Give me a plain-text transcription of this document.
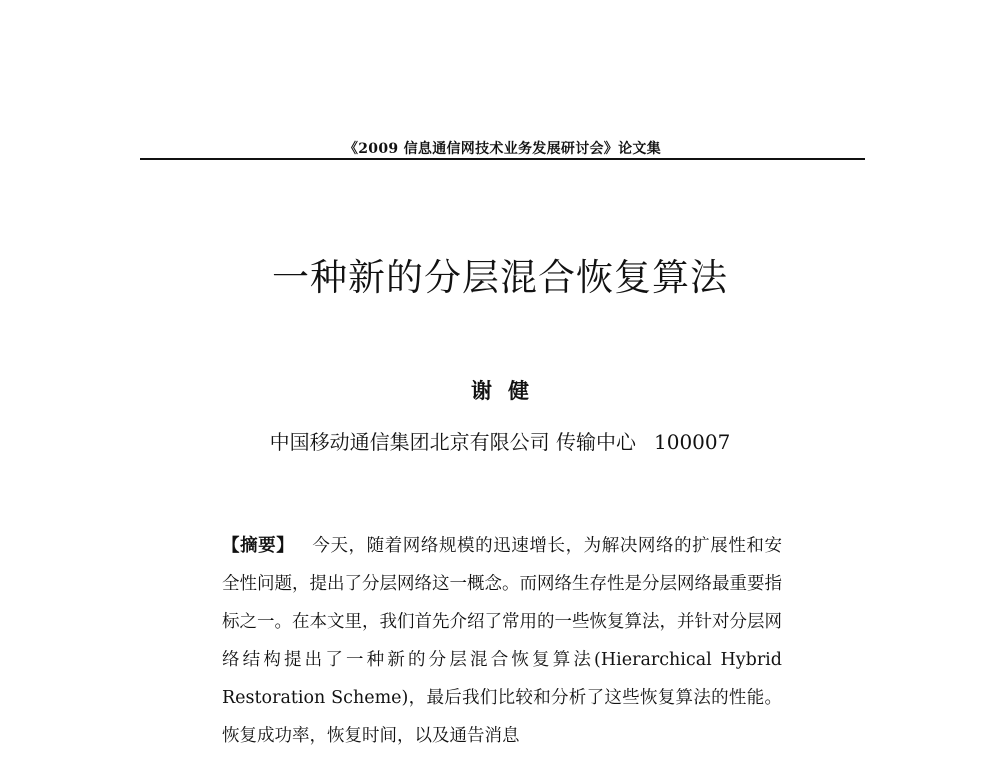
《2009 信息通信网技术业务发展研讨会》论文集
一种新的分层混合恢复算法
谢健
中国移动通信集团北京有限公司 传输中心 100007
【摘要】 今天，随着网络规模的迅速增长，为解决网络的扩展性和安全性问题，提出了分层网络这一概念。而网络生存性是分层网络最重要指标之一。在本文里，我们首先介绍了常用的一些恢复算法，并针对分层网络结构提出了一种新的分层混合恢复算法(Hierarchical Hybrid Restoration Scheme)，最后我们比较和分析了这些恢复算法的性能。恢复成功率，恢复时间，以及通告消息
